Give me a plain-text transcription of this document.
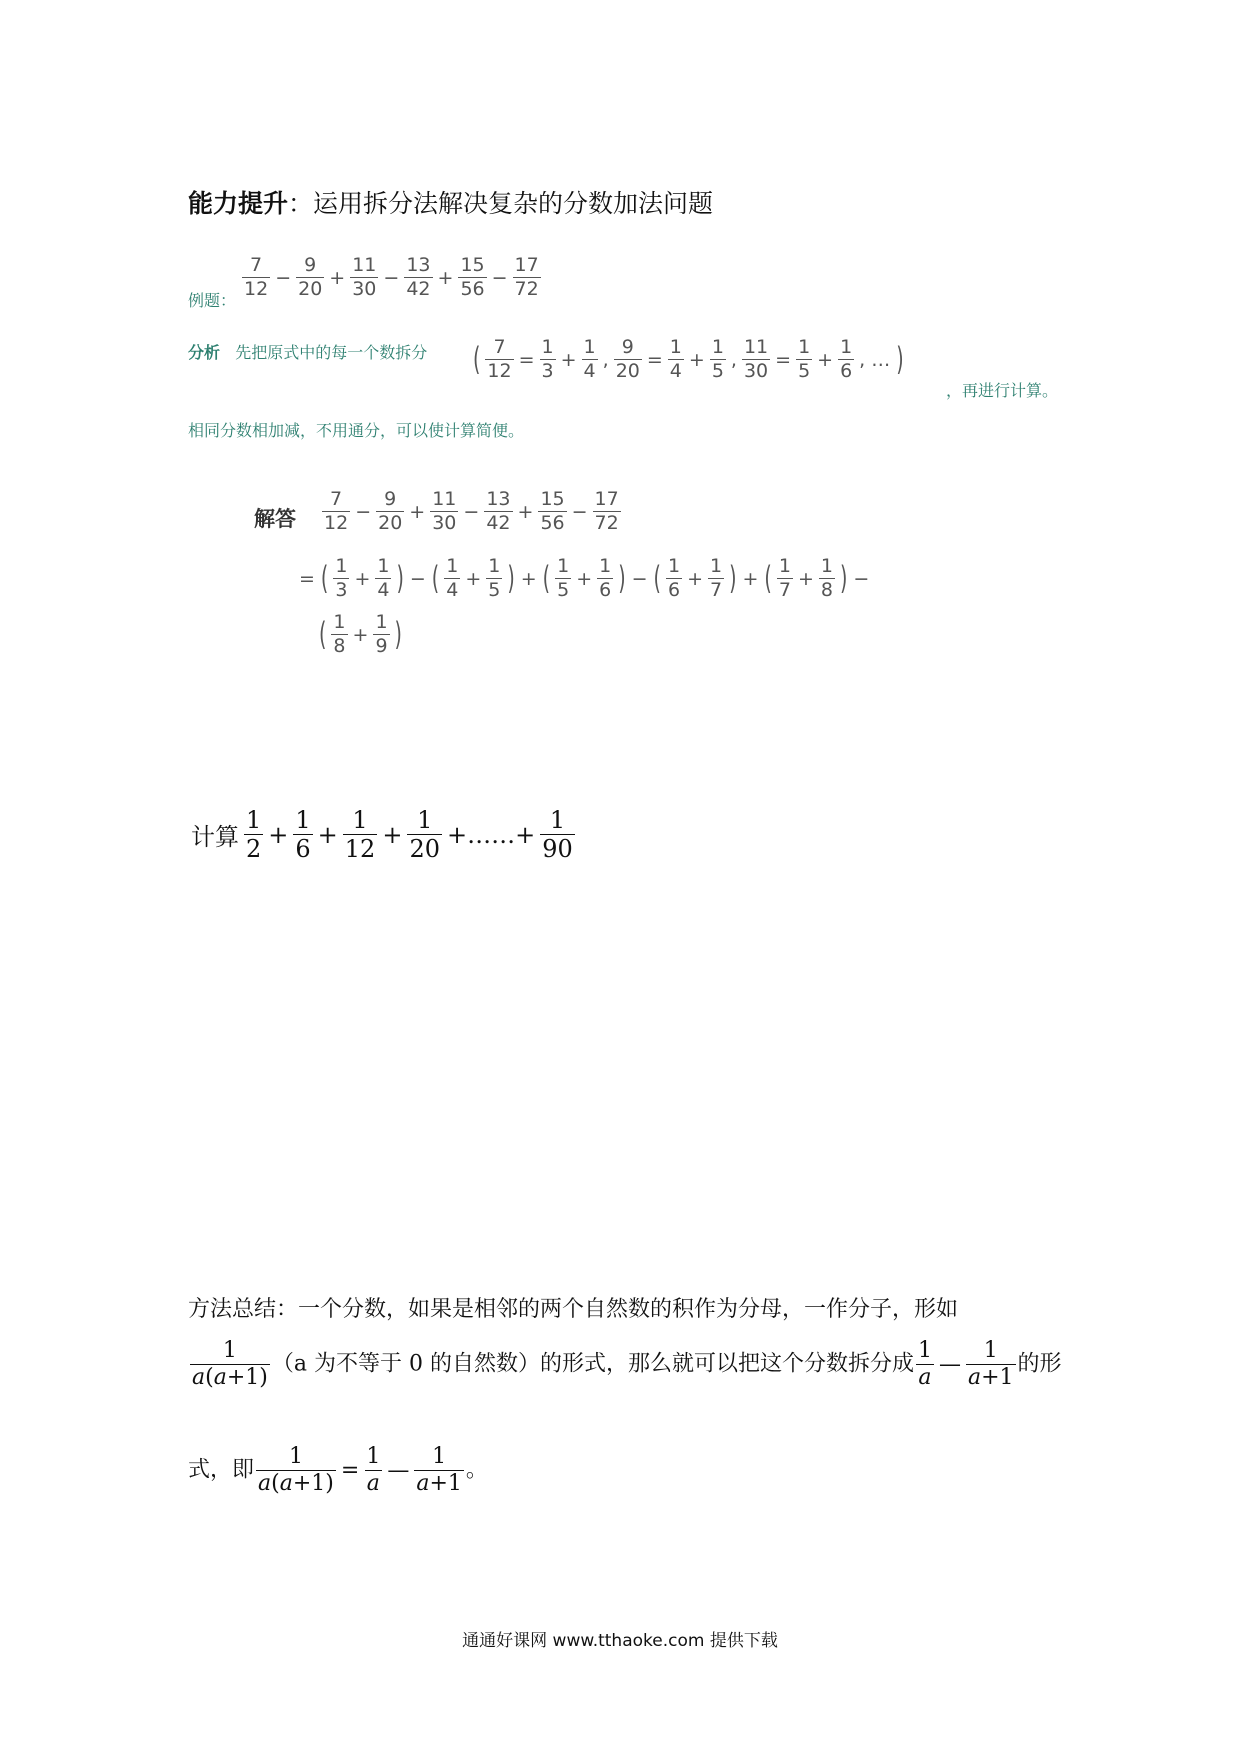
能力提升：运用拆分法解决复杂的分数加法问题
例题：
$\frac{7}{12} - \frac{9}{20} + \frac{11}{30} - \frac{13}{42} + \frac{15}{56} - \frac{17}{72}$
分析 先把原式中的每一个数拆分 ( $\frac{7}{12} = \frac{1}{3} + \frac{1}{4}$ , $\frac{9}{20} = \frac{1}{4} + \frac{1}{5}$ , $\frac{11}{30} = \frac{1}{5} + \frac{1}{6}$ , … )
，再进行计算。
相同分数相加减，不用通分，可以使计算简便。
解答 $\frac{7}{12} - \frac{9}{20} + \frac{11}{30} - \frac{13}{42} + \frac{15}{56} - \frac{17}{72}$
= ( $\frac{1}{3} + \frac{1}{4}$ ) − ( $\frac{1}{4} + \frac{1}{5}$ ) + ( $\frac{1}{5} + \frac{1}{6}$ ) − ( $\frac{1}{6} + \frac{1}{7}$ ) + ( $\frac{1}{7} + \frac{1}{8}$ ) −
( $\frac{1}{8} + \frac{1}{9}$ )
计算 $\frac{1}{2} + \frac{1}{6} + \frac{1}{12} + \frac{1}{20}$ +……+ $\frac{1}{90}$
方法总结：一个分数，如果是相邻的两个自然数的积作为分母，一作分子，形如
$\frac{1}{a(a+1)} (a$ 为不等于 0 的自然数）的形式，那么就可以把这个分数拆分成 $\frac{1}{a}$ — $\frac{1}{a+1}$ 的形
式，即 $\frac{1}{a(a+1)} = \frac{1}{a}$ — $\frac{1}{a+1}$ 。
通通好课网 www.tthaoke.com 提供下载
